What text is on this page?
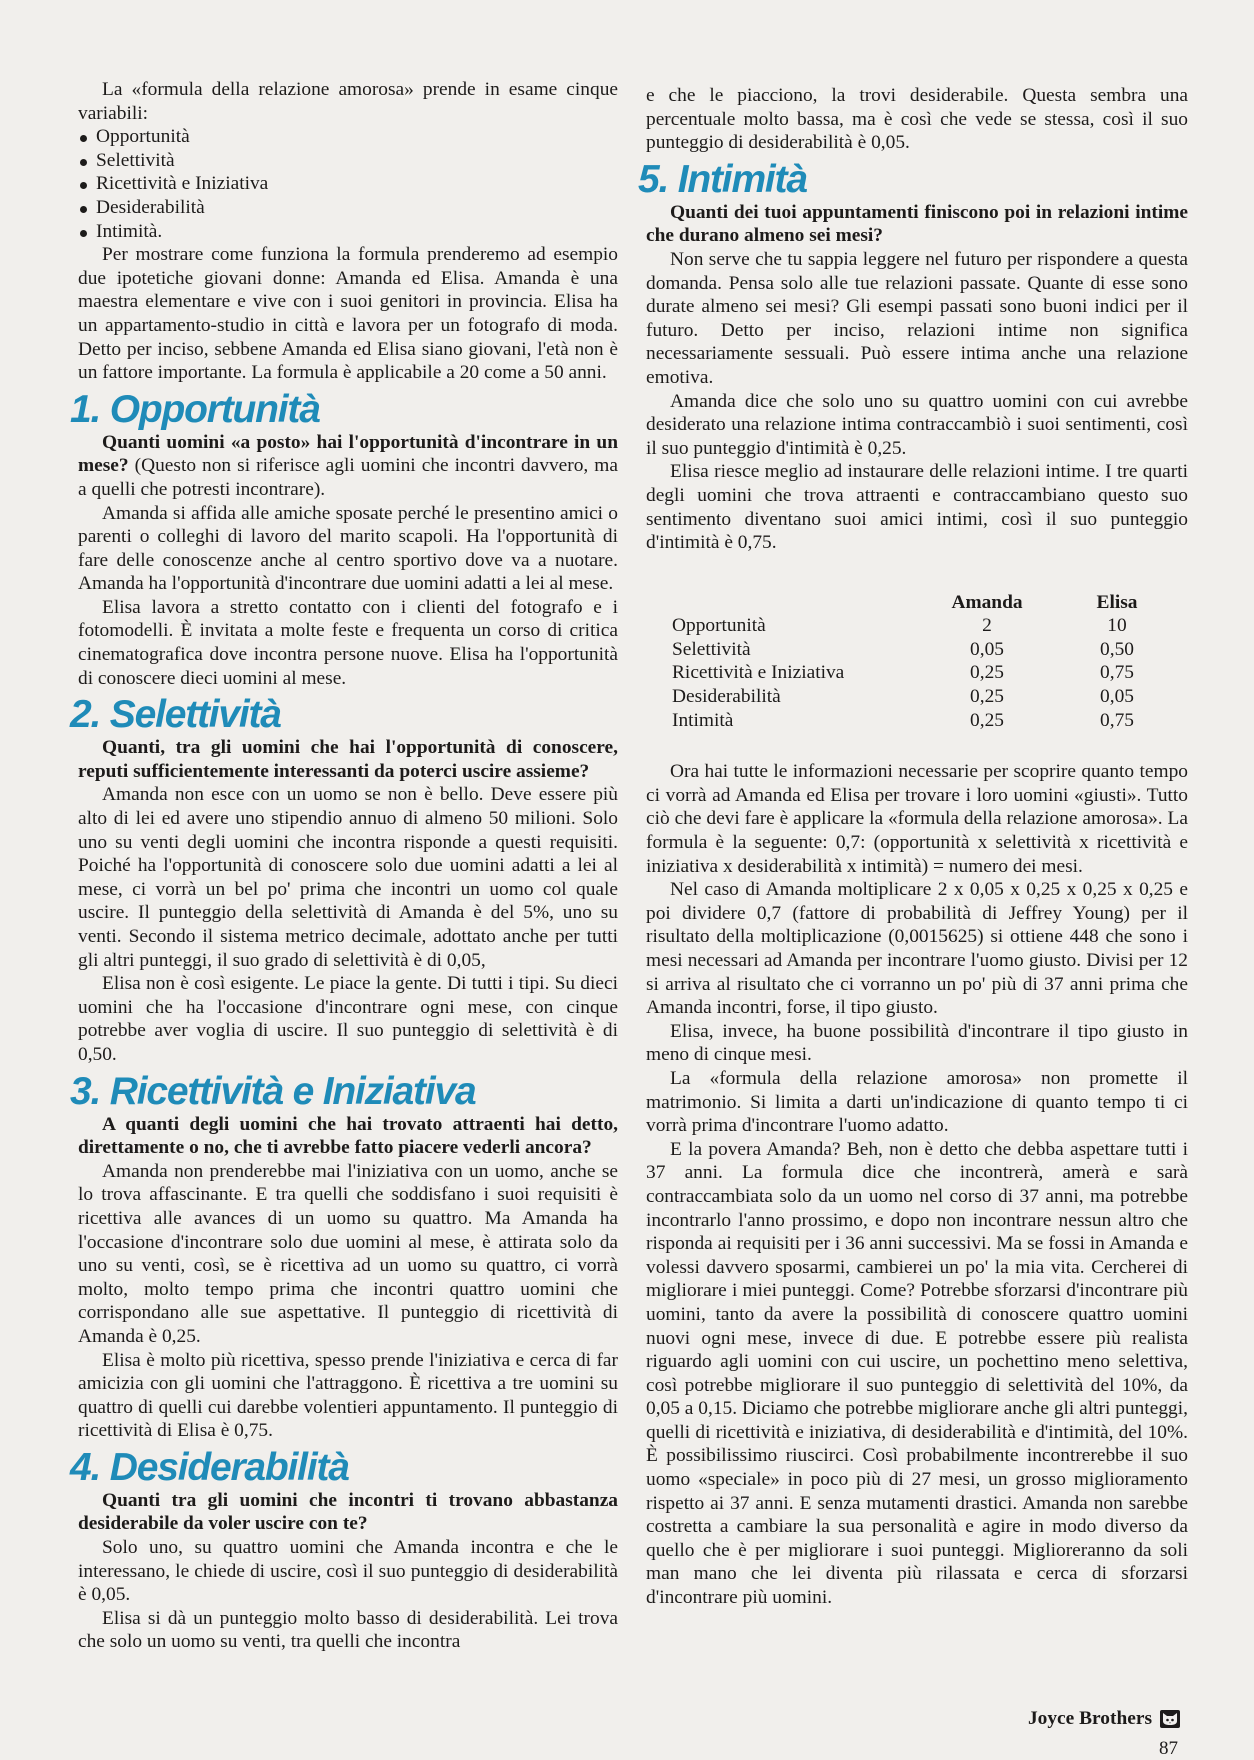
La «formula della relazione amorosa» prende in esame cinque variabili:

Opportunità
Selettività
Ricettività e Iniziativa
Desiderabilità
Intimità.

Per mostrare come funziona la formula prenderemo ad esempio due ipotetiche giovani donne: Amanda ed Elisa. Amanda è una maestra elementare e vive con i suoi genitori in provincia. Elisa ha un appartamento-studio in città e lavora per un fotografo di moda. Detto per inciso, sebbene Amanda ed Elisa siano giovani, l'età non è un fattore importante. La formula è applicabile a 20 come a 50 anni.

1. Opportunità

Quanti uomini «a posto» hai l'opportunità d'incontrare in un mese? (Questo non si riferisce agli uomini che incontri davvero, ma a quelli che potresti incontrare).

Amanda si affida alle amiche sposate perché le presentino amici o parenti o colleghi di lavoro del marito scapoli. Ha l'opportunità di fare delle conoscenze anche al centro sportivo dove va a nuotare. Amanda ha l'opportunità d'incontrare due uomini adatti a lei al mese.

Elisa lavora a stretto contatto con i clienti del fotografo e i fotomodelli. È invitata a molte feste e frequenta un corso di critica cinematografica dove incontra persone nuove. Elisa ha l'opportunità di conoscere dieci uomini al mese.

2. Selettività

Quanti, tra gli uomini che hai l'opportunità di conoscere, reputi sufficientemente interessanti da poterci uscire assieme?

Amanda non esce con un uomo se non è bello. Deve essere più alto di lei ed avere uno stipendio annuo di almeno 50 milioni. Solo uno su venti degli uomini che incontra risponde a questi requisiti. Poiché ha l'opportunità di conoscere solo due uomini adatti a lei al mese, ci vorrà un bel po' prima che incontri un uomo col quale uscire. Il punteggio della selettività di Amanda è del 5%, uno su venti. Secondo il sistema metrico decimale, adottato anche per tutti gli altri punteggi, il suo grado di selettività è di 0,05,

Elisa non è così esigente. Le piace la gente. Di tutti i tipi. Su dieci uomini che ha l'occasione d'incontrare ogni mese, con cinque potrebbe aver voglia di uscire. Il suo punteggio di selettività è di 0,50.

3. Ricettività e Iniziativa

A quanti degli uomini che hai trovato attraenti hai detto, direttamente o no, che ti avrebbe fatto piacere vederli ancora?

Amanda non prenderebbe mai l'iniziativa con un uomo, anche se lo trova affascinante. E tra quelli che soddisfano i suoi requisiti è ricettiva alle avances di un uomo su quattro. Ma Amanda ha l'occasione d'incontrare solo due uomini al mese, è attirata solo da uno su venti, così, se è ricettiva ad un uomo su quattro, ci vorrà molto, molto tempo prima che incontri quattro uomini che corrispondano alle sue aspettative. Il punteggio di ricettività di Amanda è 0,25.

Elisa è molto più ricettiva, spesso prende l'iniziativa e cerca di far amicizia con gli uomini che l'attraggono. È ricettiva a tre uomini su quattro di quelli cui darebbe volentieri appuntamento. Il punteggio di ricettività di Elisa è 0,75.

4. Desiderabilità

Quanti tra gli uomini che incontri ti trovano abbastanza desiderabile da voler uscire con te?

Solo uno, su quattro uomini che Amanda incontra e che le interessano, le chiede di uscire, così il suo punteggio di desiderabilità è 0,05.

Elisa si dà un punteggio molto basso di desiderabilità. Lei trova che solo un uomo su venti, tra quelli che incontra

e che le piacciono, la trovi desiderabile. Questa sembra una percentuale molto bassa, ma è così che vede se stessa, così il suo punteggio di desiderabilità è 0,05.

5. Intimità

Quanti dei tuoi appuntamenti finiscono poi in relazioni intime che durano almeno sei mesi?

Non serve che tu sappia leggere nel futuro per rispondere a questa domanda. Pensa solo alle tue relazioni passate. Quante di esse sono durate almeno sei mesi? Gli esempi passati sono buoni indici per il futuro. Detto per inciso, relazioni intime non significa necessariamente sessuali. Può essere intima anche una relazione emotiva.

Amanda dice che solo uno su quattro uomini con cui avrebbe desiderato una relazione intima contraccambiò i suoi sentimenti, così il suo punteggio d'intimità è 0,25.

Elisa riesce meglio ad instaurare delle relazioni intime. I tre quarti degli uomini che trova attraenti e contraccambiano questo suo sentimento diventano suoi amici intimi, così il suo punteggio d'intimità è 0,75.

	Amanda	Elisa
Opportunità	2	10
Selettività	0,05	0,50
Ricettività e Iniziativa	0,25	0,75
Desiderabilità	0,25	0,05
Intimità	0,25	0,75

Ora hai tutte le informazioni necessarie per scoprire quanto tempo ci vorrà ad Amanda ed Elisa per trovare i loro uomini «giusti». Tutto ciò che devi fare è applicare la «formula della relazione amorosa». La formula è la seguente: 0,7: (opportunità x selettività x ricettività e iniziativa x desiderabilità x intimità) = numero dei mesi.

Nel caso di Amanda moltiplicare 2 x 0,05 x 0,25 x 0,25 x 0,25 e poi dividere 0,7 (fattore di probabilità di Jeffrey Young) per il risultato della moltiplicazione (0,0015625) si ottiene 448 che sono i mesi necessari ad Amanda per incontrare l'uomo giusto. Divisi per 12 si arriva al risultato che ci vorranno un po' più di 37 anni prima che Amanda incontri, forse, il tipo giusto.

Elisa, invece, ha buone possibilità d'incontrare il tipo giusto in meno di cinque mesi.

La «formula della relazione amorosa» non promette il matrimonio. Si limita a darti un'indicazione di quanto tempo ti ci vorrà prima d'incontrare l'uomo adatto.

E la povera Amanda? Beh, non è detto che debba aspettare tutti i 37 anni. La formula dice che incontrerà, amerà e sarà contraccambiata solo da un uomo nel corso di 37 anni, ma potrebbe incontrarlo l'anno prossimo, e dopo non incontrare nessun altro che risponda ai requisiti per i 36 anni successivi. Ma se fossi in Amanda e volessi davvero sposarmi, cambierei un po' la mia vita. Cercherei di migliorare i miei punteggi. Come? Potrebbe sforzarsi d'incontrare più uomini, tanto da avere la possibilità di conoscere quattro uomini nuovi ogni mese, invece di due. E potrebbe essere più realista riguardo agli uomini con cui uscire, un pochettino meno selettiva, così potrebbe migliorare il suo punteggio di selettività del 10%, da 0,05 a 0,15. Diciamo che potrebbe migliorare anche gli altri punteggi, quelli di ricettività e iniziativa, di desiderabilità e d'intimità, del 10%. È possibilissimo riuscirci. Così probabilmente incontrerebbe il suo uomo «speciale» in poco più di 27 mesi, un grosso miglioramento rispetto ai 37 anni. E senza mutamenti drastici. Amanda non sarebbe costretta a cambiare la sua personalità e agire in modo diverso da quello che è per migliorare i suoi punteggi. Miglioreranno da soli man mano che lei diventa più rilassata e cerca di sforzarsi d'incontrare più uomini.

Joyce Brothers
87
